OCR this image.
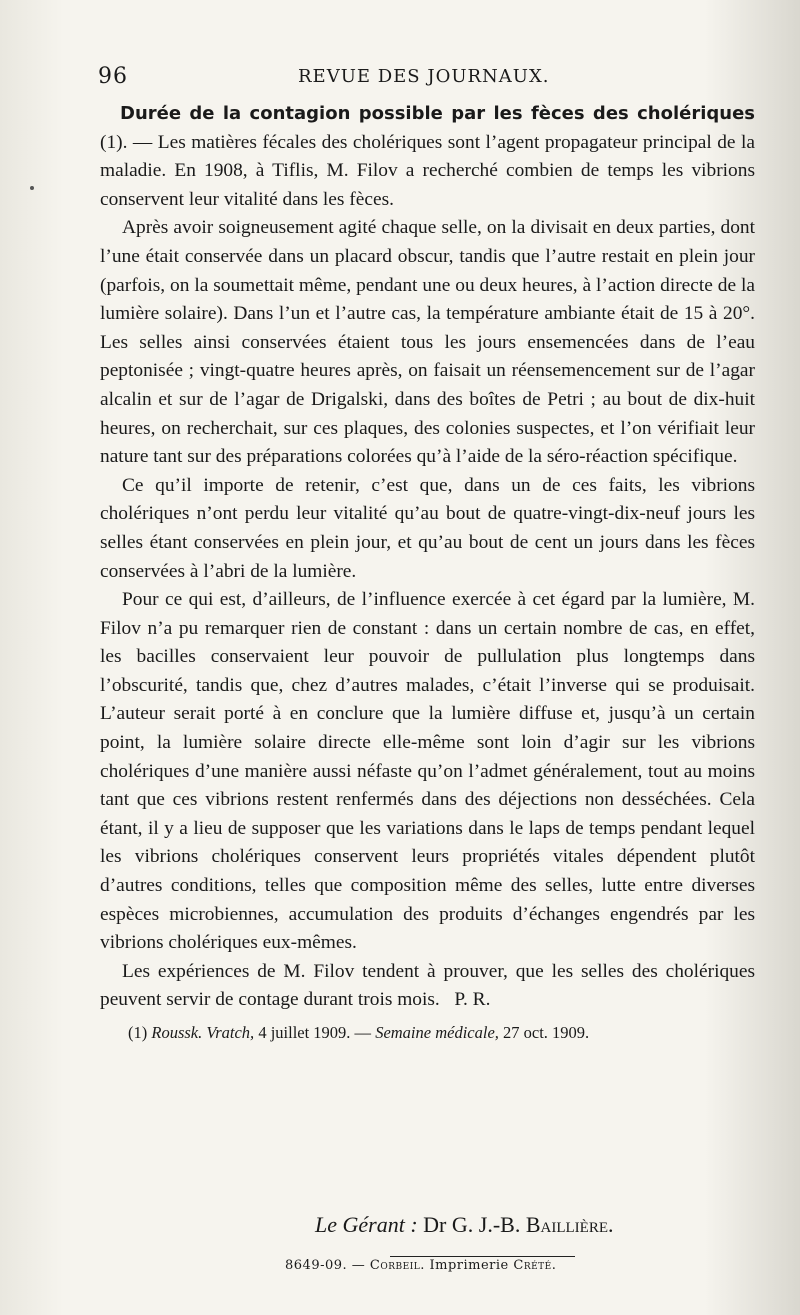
96	REVUE DES JOURNAUX.

Durée de la contagion possible par les fèces des cholériques (1). — Les matières fécales des cholériques sont l’agent propagateur principal de la maladie. En 1908, à Tiflis, M. Filov a recherché combien de temps les vibrions conservent leur vitalité dans les fèces.

Après avoir soigneusement agité chaque selle, on la divisait en deux parties, dont l’une était conservée dans un placard obscur, tandis que l’autre restait en plein jour (parfois, on la soumettait même, pendant une ou deux heures, à l’action directe de la lumière solaire). Dans l’un et l’autre cas, la température ambiante était de 15 à 20°. Les selles ainsi conservées étaient tous les jours ensemencées dans de l’eau peptonisée ; vingt-quatre heures après, on faisait un réensemencement sur de l’agar alcalin et sur de l’agar de Drigalski, dans des boîtes de Petri ; au bout de dix-huit heures, on recherchait, sur ces plaques, des colonies suspectes, et l’on vérifiait leur nature tant sur des préparations colorées qu’à l’aide de la séro-réaction spécifique.

Ce qu’il importe de retenir, c’est que, dans un de ces faits, les vibrions cholériques n’ont perdu leur vitalité qu’au bout de quatre-vingt-dix-neuf jours les selles étant conservées en plein jour, et qu’au bout de cent un jours dans les fèces conservées à l’abri de la lumière.

Pour ce qui est, d’ailleurs, de l’influence exercée à cet égard par la lumière, M. Filov n’a pu remarquer rien de constant : dans un certain nombre de cas, en effet, les bacilles conservaient leur pouvoir de pullulation plus longtemps dans l’obscurité, tandis que, chez d’autres malades, c’était l’inverse qui se produisait. L’auteur serait porté à en conclure que la lumière diffuse et, jusqu’à un certain point, la lumière solaire directe elle-même sont loin d’agir sur les vibrions cholériques d’une manière aussi néfaste qu’on l’admet généralement, tout au moins tant que ces vibrions restent renfermés dans des déjections non desséchées. Cela étant, il y a lieu de supposer que les variations dans le laps de temps pendant lequel les vibrions cholériques conservent leurs propriétés vitales dépendent plutôt d’autres conditions, telles que composition même des selles, lutte entre diverses espèces microbiennes, accumulation des produits d’échanges engendrés par les vibrions cholériques eux-mêmes.

Les expériences de M. Filov tendent à prouver, que les selles des cholériques peuvent servir de contage durant trois mois. P. R.

(1) Roussk. Vratch, 4 juillet 1909. — Semaine médicale, 27 oct. 1909.
Le Gérant : Dr G. J.-B. Baillière.
8649-09. — Corbeil. Imprimerie Crété.
